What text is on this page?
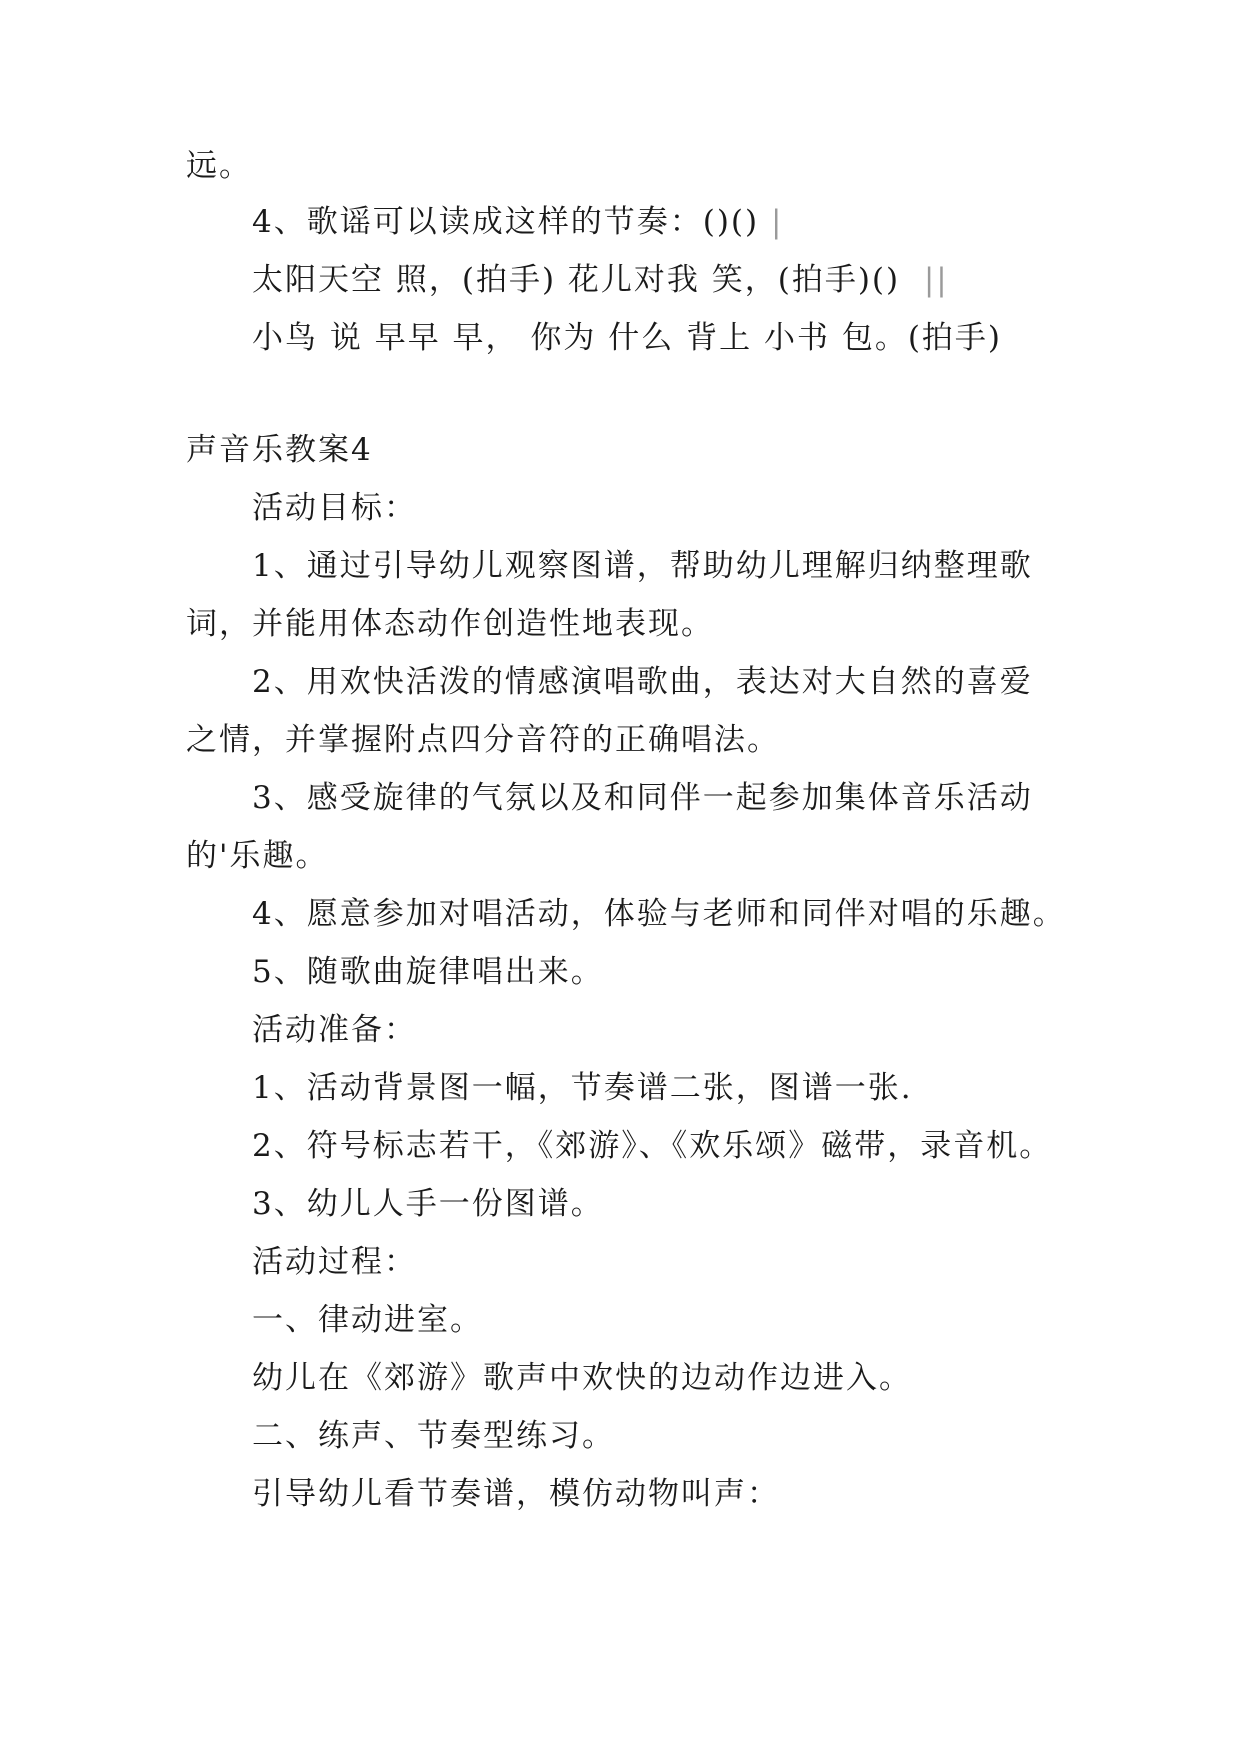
远。
4、歌谣可以读成这样的节奏：()() |
太阳天空 照，(拍手) 花儿对我 笑，(拍手)() ||
小鸟 说 早早 早， 你为 什么 背上 小书 包。(拍手)
声音乐教案4
活动目标：
1、通过引导幼儿观察图谱，帮助幼儿理解归纳整理歌
词，并能用体态动作创造性地表现。
2、用欢快活泼的情感演唱歌曲，表达对大自然的喜爱
之情，并掌握附点四分音符的正确唱法。
3、感受旋律的气氛以及和同伴一起参加集体音乐活动
的'乐趣。
4、愿意参加对唱活动，体验与老师和同伴对唱的乐趣。
5、随歌曲旋律唱出来。
活动准备：
1、活动背景图一幅，节奏谱二张，图谱一张.
2、符号标志若干，《郊游》、《欢乐颂》磁带，录音机。
3、幼儿人手一份图谱。
活动过程：
一、律动进室。
幼儿在《郊游》歌声中欢快的边动作边进入。
二、练声、节奏型练习。
引导幼儿看节奏谱，模仿动物叫声：
